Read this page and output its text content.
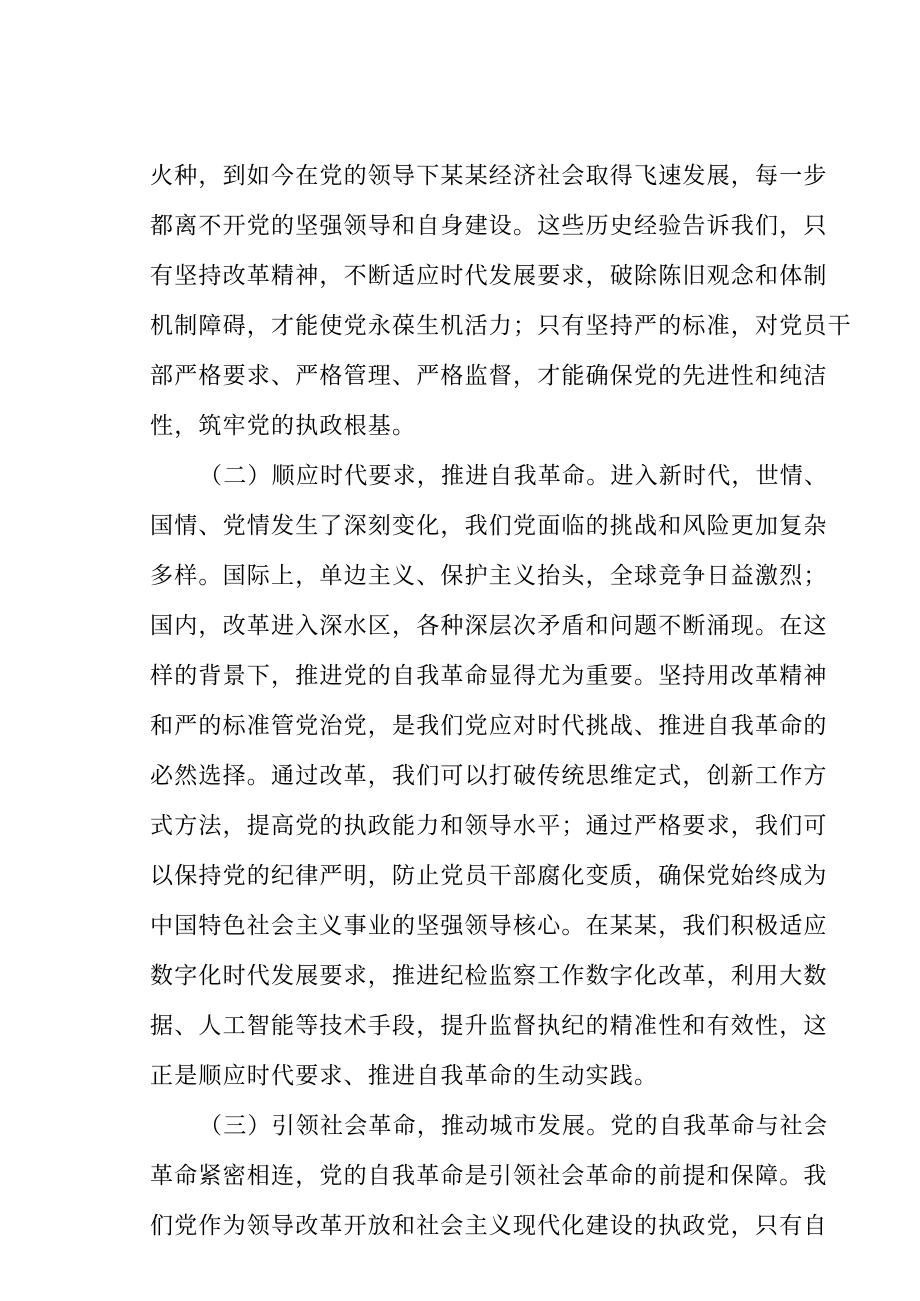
火种，到如今在党的领导下某某经济社会取得飞速发展，每一步
都离不开党的坚强领导和自身建设。这些历史经验告诉我们，只
有坚持改革精神，不断适应时代发展要求，破除陈旧观念和体制
机制障碍，才能使党永葆生机活力；只有坚持严的标准，对党员干
部严格要求、严格管理、严格监督，才能确保党的先进性和纯洁
性，筑牢党的执政根基。
（二）顺应时代要求，推进自我革命。进入新时代，世情、
国情、党情发生了深刻变化，我们党面临的挑战和风险更加复杂
多样。国际上，单边主义、保护主义抬头，全球竞争日益激烈；
国内，改革进入深水区，各种深层次矛盾和问题不断涌现。在这
样的背景下，推进党的自我革命显得尤为重要。坚持用改革精神
和严的标准管党治党，是我们党应对时代挑战、推进自我革命的
必然选择。通过改革，我们可以打破传统思维定式，创新工作方
式方法，提高党的执政能力和领导水平；通过严格要求，我们可
以保持党的纪律严明，防止党员干部腐化变质，确保党始终成为
中国特色社会主义事业的坚强领导核心。在某某，我们积极适应
数字化时代发展要求，推进纪检监察工作数字化改革，利用大数
据、人工智能等技术手段，提升监督执纪的精准性和有效性，这
正是顺应时代要求、推进自我革命的生动实践。
（三）引领社会革命，推动城市发展。党的自我革命与社会
革命紧密相连，党的自我革命是引领社会革命的前提和保障。我
们党作为领导改革开放和社会主义现代化建设的执政党，只有自
